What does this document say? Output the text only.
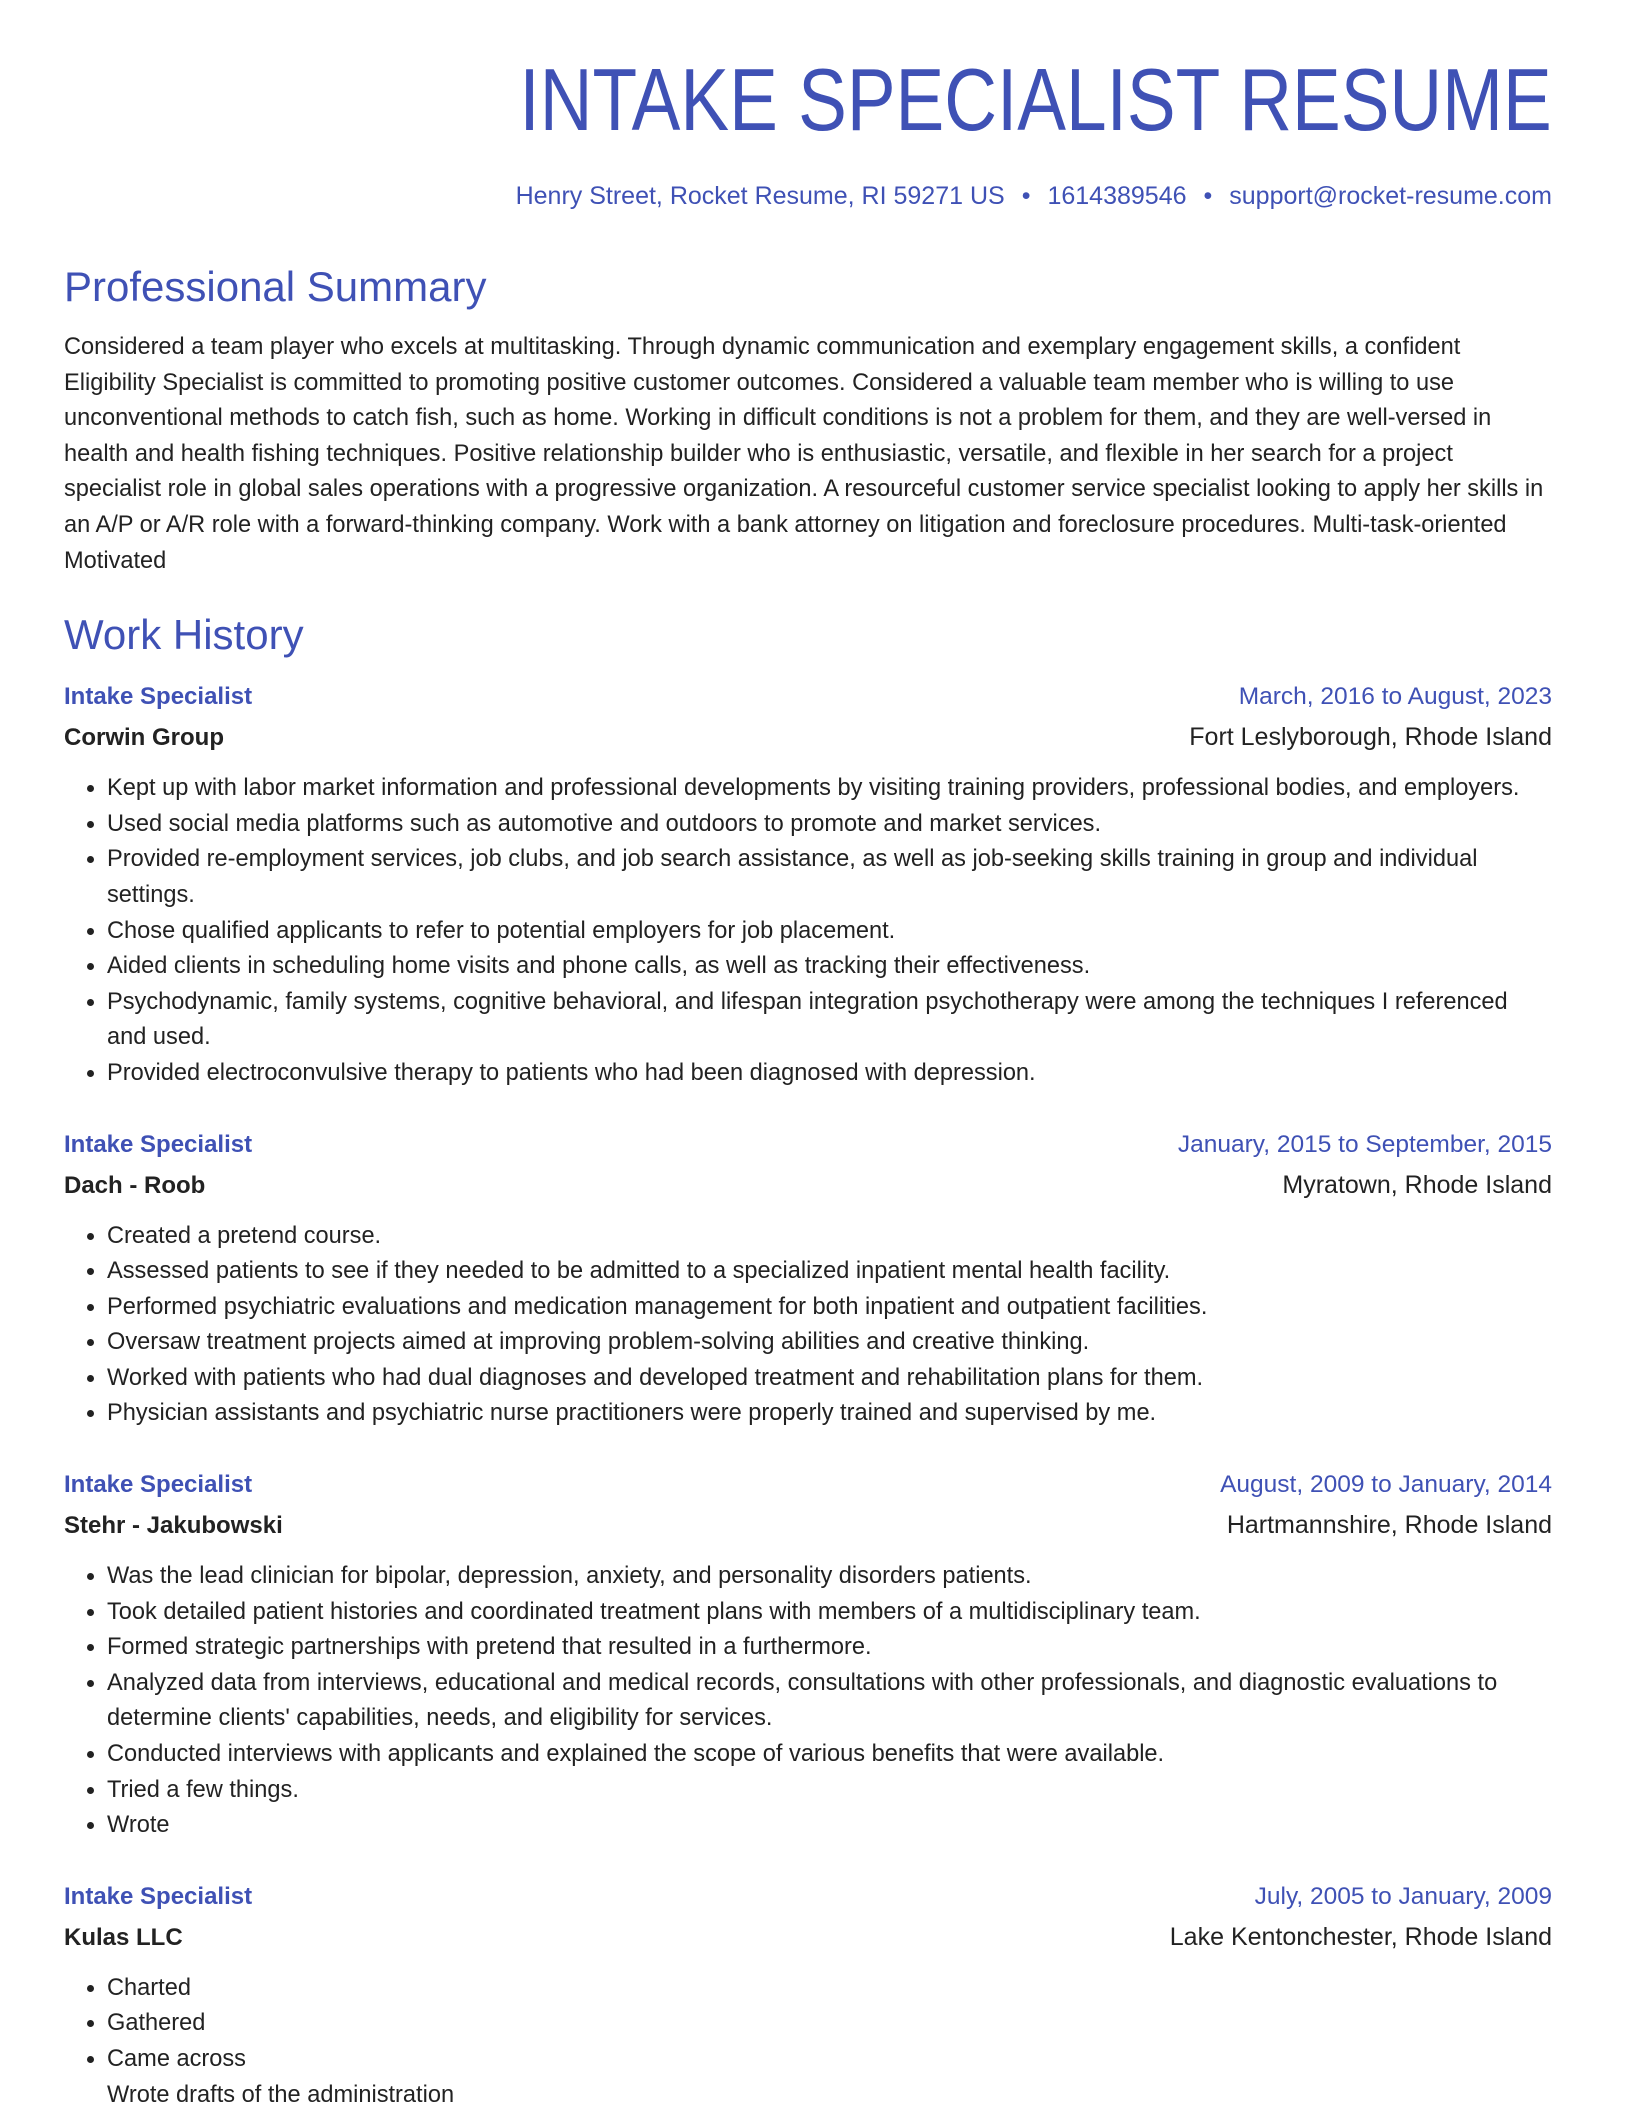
INTAKE SPECIALIST RESUME
Henry Street, Rocket Resume, RI 59271 US • 1614389546 • support@rocket-resume.com
Professional Summary

Considered a team player who excels at multitasking. Through dynamic communication and exemplary engagement skills, a confident Eligibility Specialist is committed to promoting positive customer outcomes. Considered a valuable team member who is willing to use unconventional methods to catch fish, such as home. Working in difficult conditions is not a problem for them, and they are well-versed in health and health fishing techniques. Positive relationship builder who is enthusiastic, versatile, and flexible in her search for a project specialist role in global sales operations with a progressive organization. A resourceful customer service specialist looking to apply her skills in an A/P or A/R role with a forward-thinking company. Work with a bank attorney on litigation and foreclosure procedures. Multi-task-oriented Motivated

Work History
Intake Specialist	March, 2016 to August, 2023
Corwin Group	Fort Leslyborough, Rhode Island
• Kept up with labor market information and professional developments by visiting training providers, professional bodies, and employers.
• Used social media platforms such as automotive and outdoors to promote and market services.
• Provided re-employment services, job clubs, and job search assistance, as well as job-seeking skills training in group and individual settings.
• Chose qualified applicants to refer to potential employers for job placement.
• Aided clients in scheduling home visits and phone calls, as well as tracking their effectiveness.
• Psychodynamic, family systems, cognitive behavioral, and lifespan integration psychotherapy were among the techniques I referenced and used.
• Provided electroconvulsive therapy to patients who had been diagnosed with depression.
Intake Specialist	January, 2015 to September, 2015
Dach - Roob	Myratown, Rhode Island
• Created a pretend course.
• Assessed patients to see if they needed to be admitted to a specialized inpatient mental health facility.
• Performed psychiatric evaluations and medication management for both inpatient and outpatient facilities.
• Oversaw treatment projects aimed at improving problem-solving abilities and creative thinking.
• Worked with patients who had dual diagnoses and developed treatment and rehabilitation plans for them.
• Physician assistants and psychiatric nurse practitioners were properly trained and supervised by me.
Intake Specialist	August, 2009 to January, 2014
Stehr - Jakubowski	Hartmannshire, Rhode Island
• Was the lead clinician for bipolar, depression, anxiety, and personality disorders patients.
• Took detailed patient histories and coordinated treatment plans with members of a multidisciplinary team.
• Formed strategic partnerships with pretend that resulted in a furthermore.
• Analyzed data from interviews, educational and medical records, consultations with other professionals, and diagnostic evaluations to determine clients' capabilities, needs, and eligibility for services.
• Conducted interviews with applicants and explained the scope of various benefits that were available.
• Tried a few things.
• Wrote
Intake Specialist	July, 2005 to January, 2009
Kulas LLC	Lake Kentonchester, Rhode Island
• Charted
• Gathered
• Came across
• Wrote drafts of the administration
